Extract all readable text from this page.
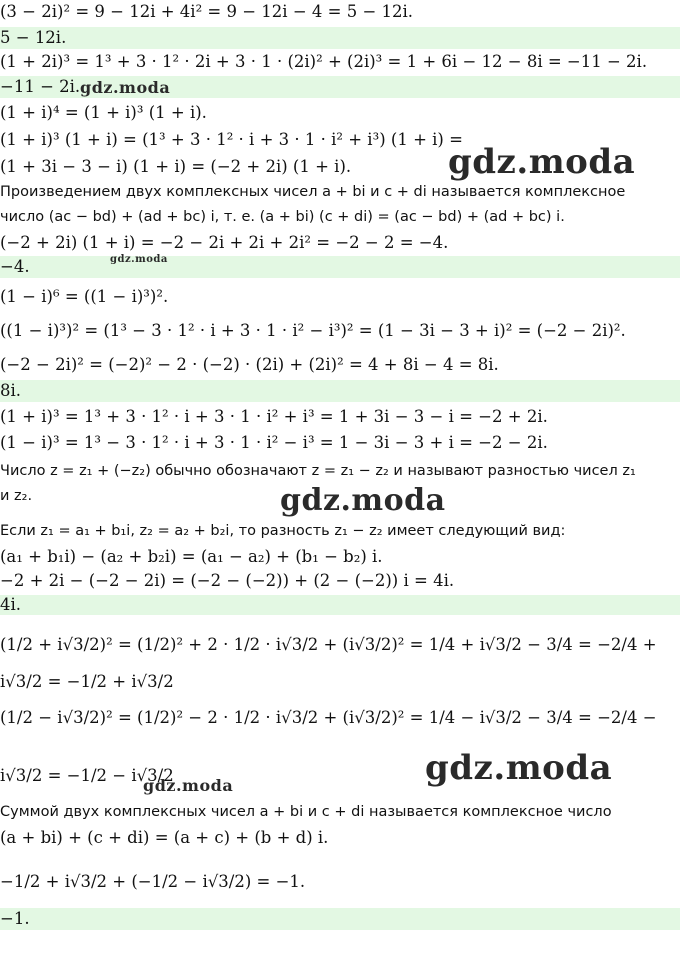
(3 − 2i)² = 9 − 12i + 4i² = 9 − 12i − 4 = 5 − 12i.
5 − 12i.
(1 + 2i)³ = 1³ + 3 · 1² · 2i + 3 · 1 · (2i)² + (2i)³ = 1 + 6i − 12 − 8i = −11 − 2i.
−11 − 2i.
(1 + i)⁴ = (1 + i)³ (1 + i).
(1 + i)³ (1 + i) = (1³ + 3 · 1² · i + 3 · 1 · i² + i³) (1 + i) =
(1 + 3i − 3 − i) (1 + i) = (−2 + 2i) (1 + i).
Произведением двух комплексных чисел a + bi и c + di называется комплексное
число (ac − bd) + (ad + bc) i, т. е. (a + bi) (c + di) = (ac − bd) + (ad + bc) i.
(−2 + 2i) (1 + i) = −2 − 2i + 2i + 2i² = −2 − 2 = −4.
−4.
(1 − i)⁶ = ((1 − i)³)².
((1 − i)³)² = (1³ − 3 · 1² · i + 3 · 1 · i² − i³)² = (1 − 3i − 3 + i)² = (−2 − 2i)².
(−2 − 2i)² = (−2)² − 2 · (−2) · (2i) + (2i)² = 4 + 8i − 4 = 8i.
8i.
(1 + i)³ = 1³ + 3 · 1² · i + 3 · 1 · i² + i³ = 1 + 3i − 3 − i = −2 + 2i.
(1 − i)³ = 1³ − 3 · 1² · i + 3 · 1 · i² − i³ = 1 − 3i − 3 + i = −2 − 2i.
Число z = z₁ + (−z₂) обычно обозначают z = z₁ − z₂ и называют разностью чисел z₁
и z₂.
Если z₁ = a₁ + b₁i, z₂ = a₂ + b₂i, то разность z₁ − z₂ имеет следующий вид:
(a₁ + b₁i) − (a₂ + b₂i) = (a₁ − a₂) + (b₁ − b₂) i.
−2 + 2i − (−2 − 2i) = (−2 − (−2)) + (2 − (−2)) i = 4i.
4i.
(1/2 + i√3/2)² = (1/2)² + 2 · 1/2 · i√3/2 + (i√3/2)² = 1/4 + i√3/2 − 3/4 = −2/4 +
i√3/2 = −1/2 + i√3/2
(1/2 − i√3/2)² = (1/2)² − 2 · 1/2 · i√3/2 + (i√3/2)² = 1/4 − i√3/2 − 3/4 = −2/4 −
i√3/2 = −1/2 − i√3/2
Суммой двух комплексных чисел a + bi и c + di называется комплексное число
(a + bi) + (c + di) = (a + c) + (b + d) i.
−1/2 + i√3/2 + (−1/2 − i√3/2) = −1.
−1.
gdz.moda
gdz.moda
gdz.moda
gdz.moda
gdz.moda	gdz.moda
